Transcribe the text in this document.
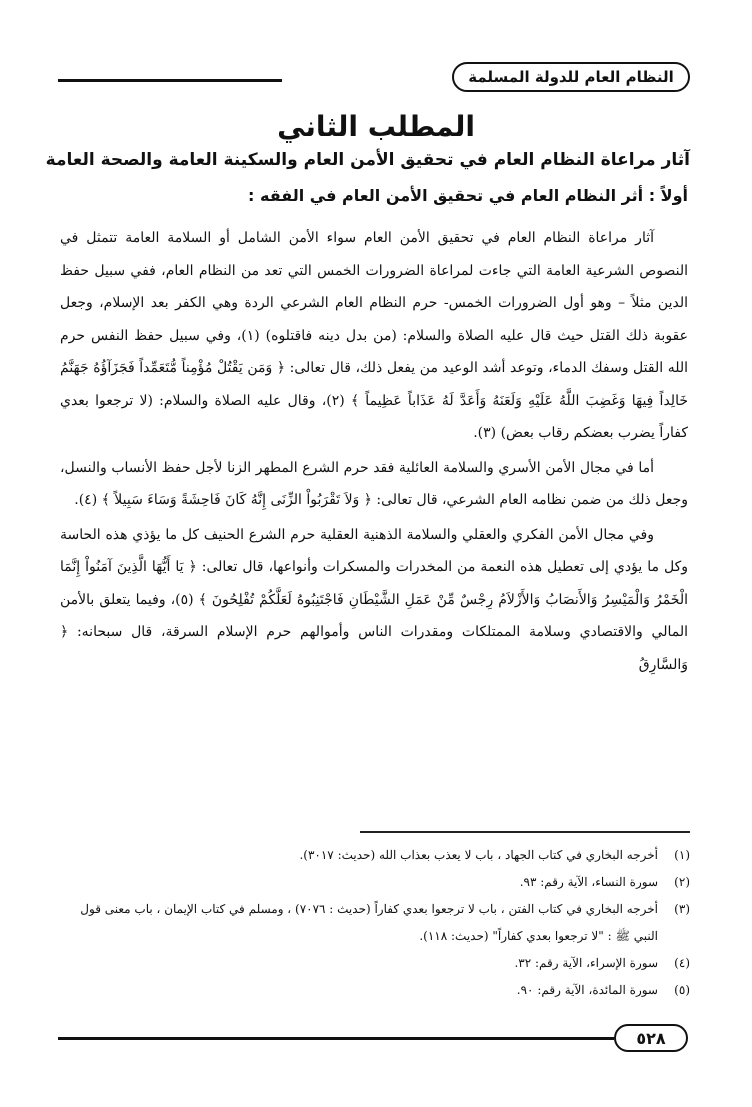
النظام العام للدولة المسلمة
المطلب الثاني
آثار مراعاة النظام العام في تحقيق الأمن العام والسكينة العامة والصحة العامة
أولاً : أثر النظام العام في تحقيق الأمن العام في الفقه :

آثار مراعاة النظام العام في تحقيق الأمن العام سواء الأمن الشامل أو السلامة العامة تتمثل في النصوص الشرعية العامة التي جاءت لمراعاة الضرورات الخمس التي تعد من النظام العام، ففي سبيل حفظ الدين مثلاً – وهو أول الضرورات الخمس- حرم النظام العام الشرعي الردة وهي الكفر بعد الإسلام، وجعل عقوبة ذلك القتل حيث قال عليه الصلاة والسلام: (من بدل دينه فاقتلوه) (١)، وفي سبيل حفظ النفس حرم الله القتل وسفك الدماء، وتوعد أشد الوعيد من يفعل ذلك، قال تعالى: ﴿ وَمَن يَقْتُلْ مُؤْمِناً مُّتَعَمِّداً فَجَزَآؤُهُ جَهَنَّمُ خَالِداً فِيهَا وَغَضِبَ اللَّهُ عَلَيْهِ وَلَعَنَهُ وَأَعَدَّ لَهُ عَذَاباً عَظِيماً ﴾ (٢)، وقال عليه الصلاة والسلام: (لا ترجعوا بعدي كفاراً يضرب بعضكم رقاب بعض) (٣).

أما في مجال الأمن الأسري والسلامة العائلية فقد حرم الشرع المطهر الزنا لأجل حفظ الأنساب والنسل، وجعل ذلك من ضمن نظامه العام الشرعي، قال تعالى: ﴿ وَلاَ تَقْرَبُواْ الزِّنَى إِنَّهُ كَانَ فَاحِشَةً وَسَاءَ سَبِيلاً ﴾ (٤).

وفي مجال الأمن الفكري والعقلي والسلامة الذهنية العقلية حرم الشرع الحنيف كل ما يؤذي هذه الحاسة وكل ما يؤدي إلى تعطيل هذه النعمة من المخدرات والمسكرات وأنواعها، قال تعالى: ﴿ يَا أَيُّهَا الَّذِينَ آمَنُواْ إِنَّمَا الْخَمْرُ وَالْمَيْسِرُ وَالأَنصَابُ وَالأَزْلاَمُ رِجْسٌ مِّنْ عَمَلِ الشَّيْطَانِ فَاجْتَنِبُوهُ لَعَلَّكُمْ تُفْلِحُونَ ﴾ (٥)، وفيما يتعلق بالأمن المالي والاقتصادي وسلامة الممتلكات ومقدرات الناس وأموالهم حرم الإسلام السرقة، قال سبحانه: ﴿ وَالسَّارِقُ

(١)
أخرجه البخاري في كتاب الجهاد ، باب لا يعذب بعذاب الله (حديث: ٣٠١٧).
(٢)
سورة النساء، الآية رقم: ٩٣.
(٣)
أخرجه البخاري في كتاب الفتن ، باب لا ترجعوا بعدي كفاراً (حديث : ٧٠٧٦) ، ومسلم في كتاب الإيمان ، باب معنى قول النبي ﷺ : "لا ترجعوا بعدي كفاراً" (حديث: ١١٨).
(٤)
سورة الإسراء، الآية رقم: ٣٢.
(٥)
سورة المائدة، الآية رقم: ٩٠.
٥٢٨
